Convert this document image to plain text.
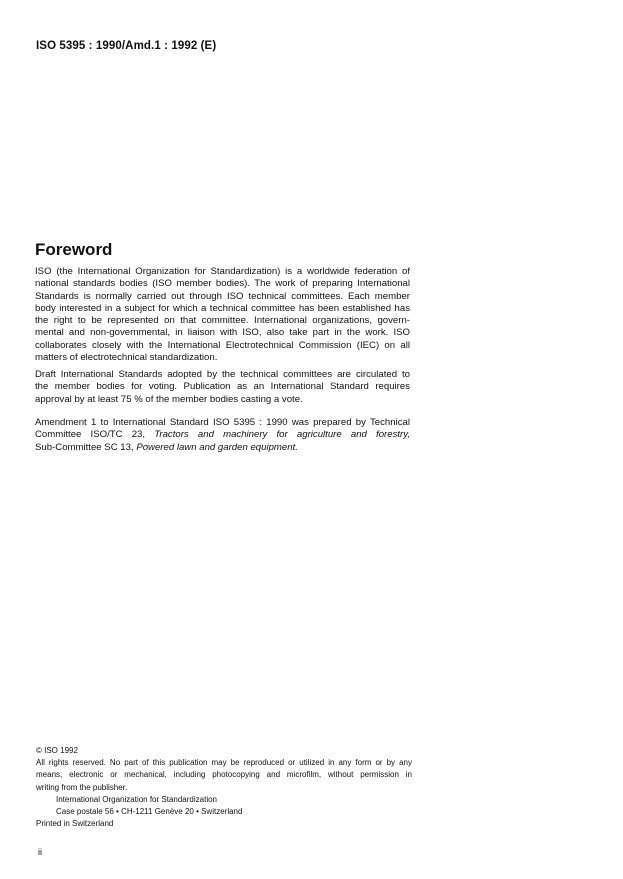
ISO 5395 : 1990/Amd.1 : 1992 (E)
Foreword
ISO (the International Organization for Standardization) is a worldwide federation of
national standards bodies (ISO member bodies). The work of preparing International
Standards is normally carried out through ISO technical committees. Each member
body interested in a subject for which a technical committee has been established has
the right to be represented on that committee. International organizations, govern-
mental and non-governmental, in liaison with ISO, also take part in the work. ISO
collaborates closely with the International Electrotechnical Commission (IEC) on all
matters of electrotechnical standardization.
Draft International Standards adopted by the technical committees are circulated to
the member bodies for voting. Publication as an International Standard requires
approval by at least 75 % of the member bodies casting a vote.
Amendment 1 to International Standard ISO 5395 : 1990 was prepared by Technical
Committee ISO/TC 23, Tractors and machinery for agriculture and forestry,
Sub-Committee SC 13, Powered lawn and garden equipment.
© ISO 1992
All rights reserved. No part of this publication may be reproduced or utilized in any form or by any
means, electronic or mechanical, including photocopying and microfilm, without permission in
writing from the publisher.
International Organization for Standardization
Case postale 56 • CH-1211 Genève 20 • Switzerland
Printed in Switzerland
ii
